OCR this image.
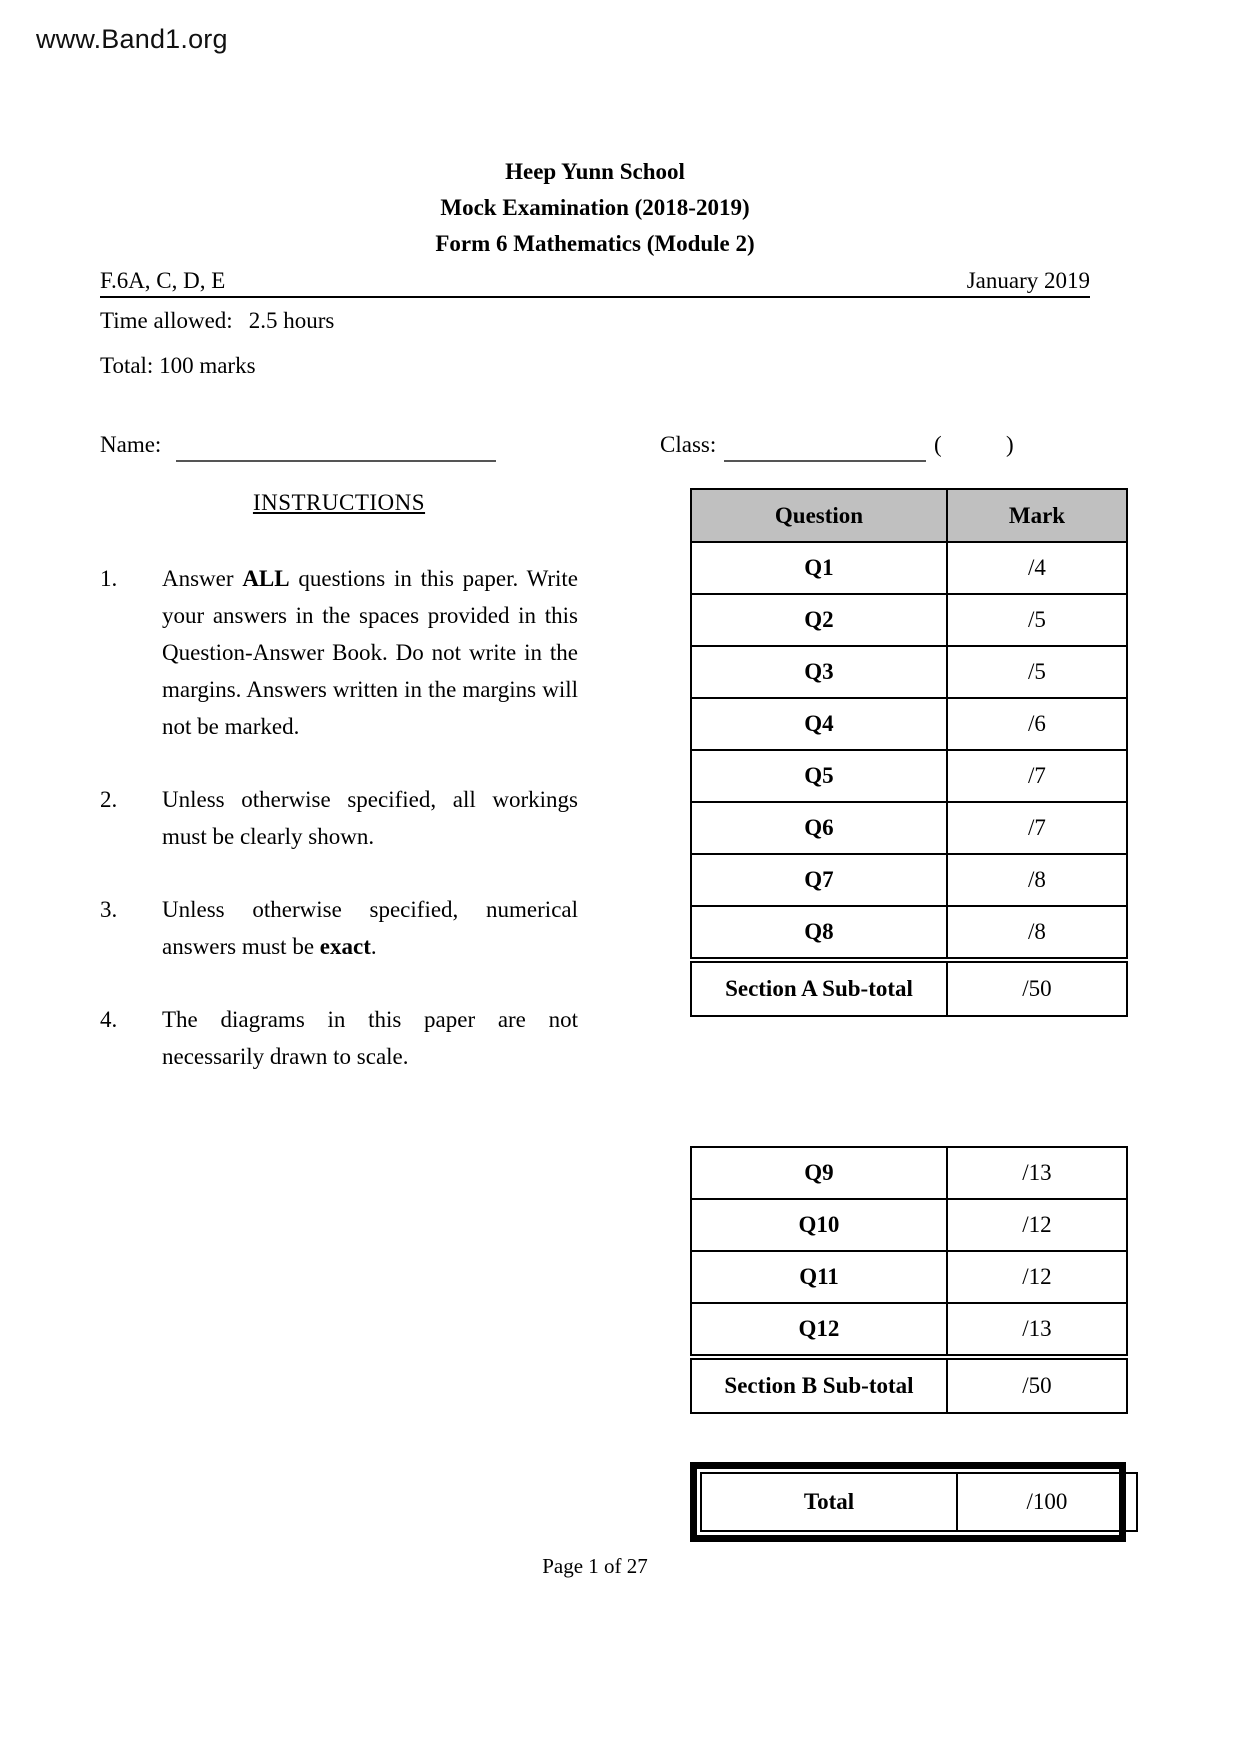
www.Band1.org
Heep Yunn School
Mock Examination (2018-2019)
Form 6 Mathematics (Module 2)
F.6A, C, D, E	January 2019
Time allowed: 2.5 hours
Total: 100 marks
Name:	Class:	(	)
INSTRUCTIONS
1.	Answer ALL questions in this paper. Write your answers in the spaces provided in this Question-Answer Book. Do not write in the margins. Answers written in the margins will not be marked.
2.	Unless otherwise specified, all workings must be clearly shown.
3.	Unless otherwise specified, numerical answers must be exact.
4.	The diagrams in this paper are not necessarily drawn to scale.
Question	Mark
Q1	/4
Q2	/5
Q3	/5
Q4	/6
Q5	/7
Q6	/7
Q7	/8
Q8	/8
Section A Sub-total	/50
Q9	/13
Q10	/12
Q11	/12
Q12	/13
Section B Sub-total	/50
Total	/100
Page 1 of 27
